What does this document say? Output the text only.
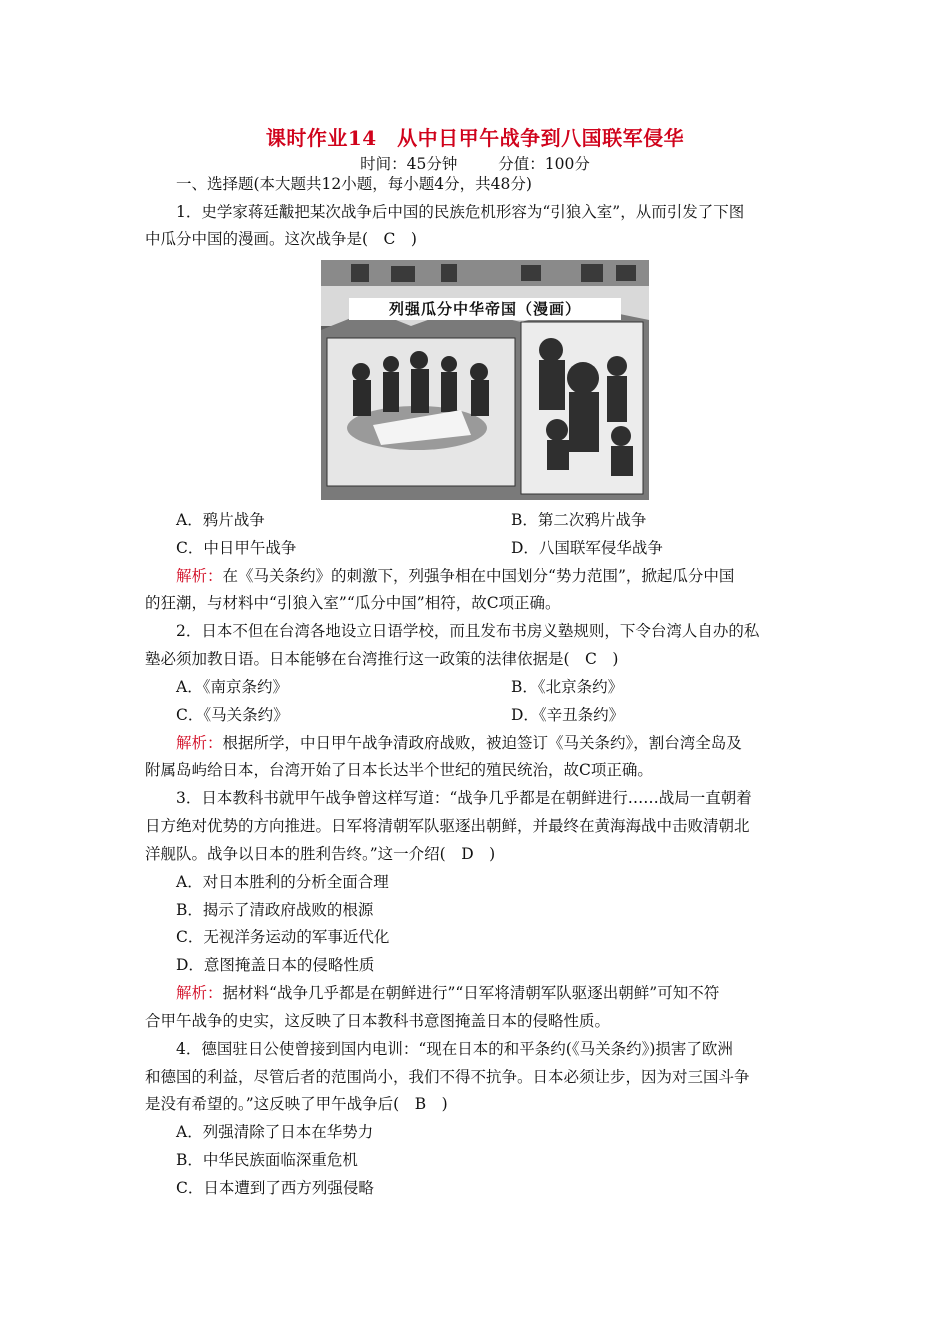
课时作业14　从中日甲午战争到八国联军侵华
时间：45分钟	分值：100分
一、选择题(本大题共12小题，每小题4分，共48分)
1．史学家蒋廷黻把某次战争后中国的民族危机形容为“引狼入室”，从而引发了下图
中瓜分中国的漫画。这次战争是(　C　)
列强瓜分中华帝国（漫画）
A．鸦片战争	B．第二次鸦片战争
C．中日甲午战争	D．八国联军侵华战争
解析：在《马关条约》的刺激下，列强争相在中国划分“势力范围”，掀起瓜分中国
的狂潮，与材料中“引狼入室”“瓜分中国”相符，故C项正确。
2．日本不但在台湾各地设立日语学校，而且发布书房义塾规则，下令台湾人自办的私
塾必须加教日语。日本能够在台湾推行这一政策的法律依据是(　C　)
A．《南京条约》	B．《北京条约》
C．《马关条约》	D．《辛丑条约》
解析：根据所学，中日甲午战争清政府战败，被迫签订《马关条约》，割台湾全岛及
附属岛屿给日本，台湾开始了日本长达半个世纪的殖民统治，故C项正确。
3．日本教科书就甲午战争曾这样写道：“战争几乎都是在朝鲜进行……战局一直朝着
日方绝对优势的方向推进。日军将清朝军队驱逐出朝鲜，并最终在黄海海战中击败清朝北
洋舰队。战争以日本的胜利告终。”这一介绍(　D　)
A．对日本胜利的分析全面合理
B．揭示了清政府战败的根源
C．无视洋务运动的军事近代化
D．意图掩盖日本的侵略性质
解析：据材料“战争几乎都是在朝鲜进行”“日军将清朝军队驱逐出朝鲜”可知不符
合甲午战争的史实，这反映了日本教科书意图掩盖日本的侵略性质。
4．德国驻日公使曾接到国内电训：“现在日本的和平条约(《马关条约》)损害了欧洲
和德国的利益，尽管后者的范围尚小，我们不得不抗争。日本必须让步，因为对三国斗争
是没有希望的。”这反映了甲午战争后(　B　)
A．列强清除了日本在华势力
B．中华民族面临深重危机
C．日本遭到了西方列强侵略
